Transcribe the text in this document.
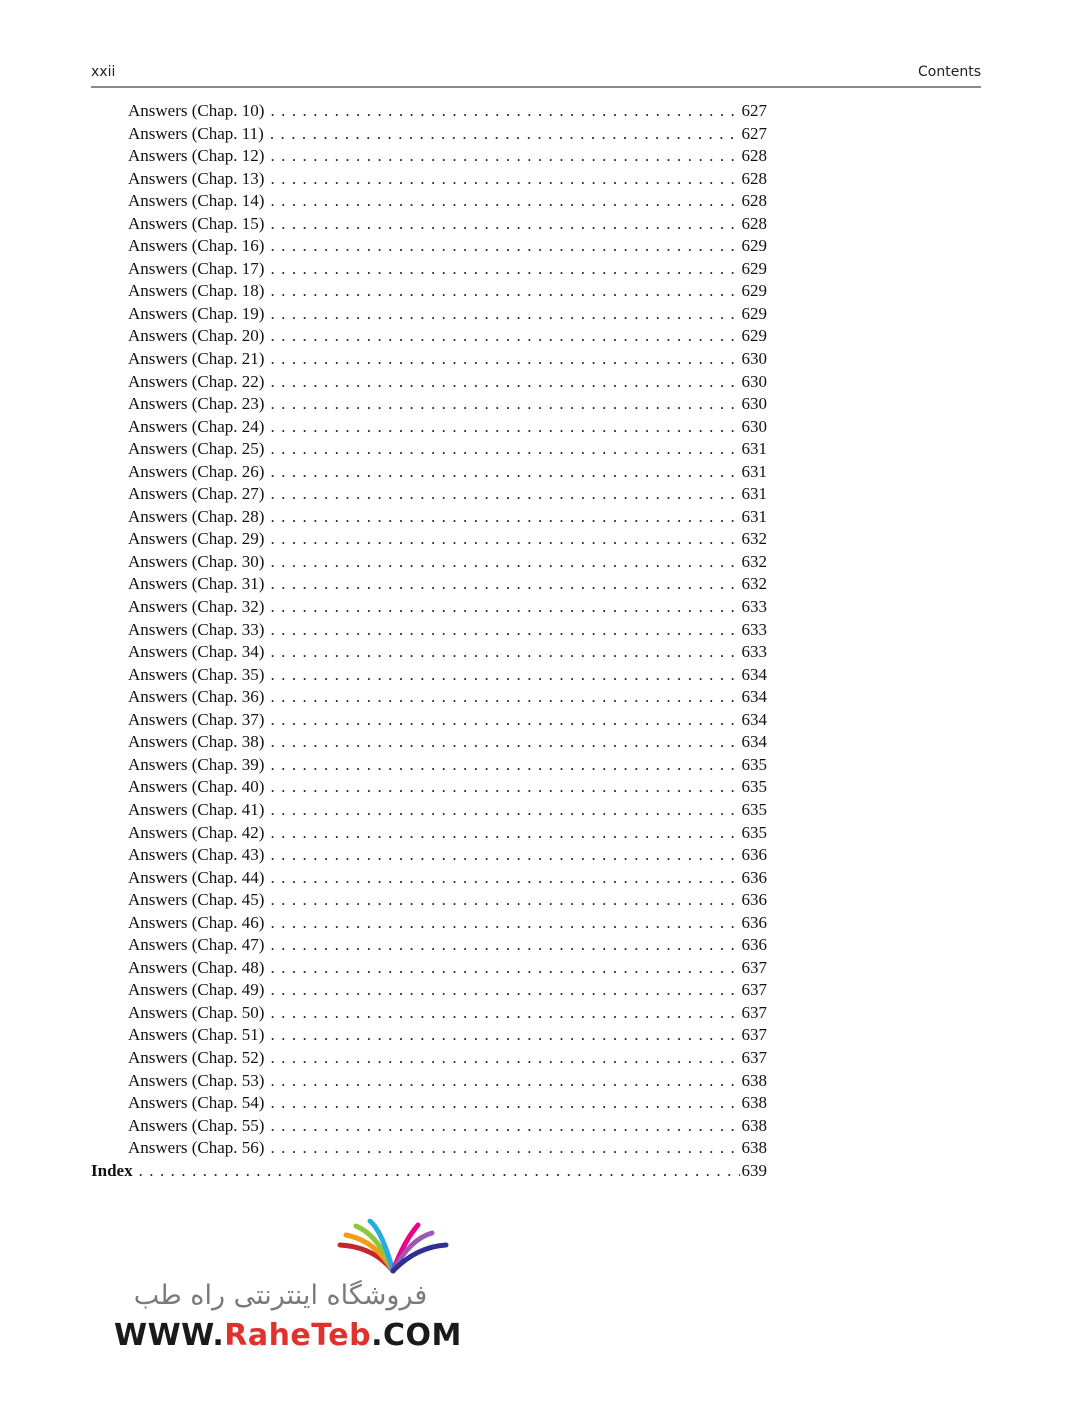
xxii	Contents
Answers (Chap. 10) . . .	627
Answers (Chap. 11) . . .	627
Answers (Chap. 12) . . .	628
Answers (Chap. 13) . . .	628
Answers (Chap. 14) . . .	628
Answers (Chap. 15) . . .	628
Answers (Chap. 16) . . .	629
Answers (Chap. 17) . . .	629
Answers (Chap. 18) . . .	629
Answers (Chap. 19) . . .	629
Answers (Chap. 20) . . .	629
Answers (Chap. 21) . . .	630
Answers (Chap. 22) . . .	630
Answers (Chap. 23) . . .	630
Answers (Chap. 24) . . .	630
Answers (Chap. 25) . . .	631
Answers (Chap. 26) . . .	631
Answers (Chap. 27) . . .	631
Answers (Chap. 28) . . .	631
Answers (Chap. 29) . . .	632
Answers (Chap. 30) . . .	632
Answers (Chap. 31) . . .	632
Answers (Chap. 32) . . .	633
Answers (Chap. 33) . . .	633
Answers (Chap. 34) . . .	633
Answers (Chap. 35) . . .	634
Answers (Chap. 36) . . .	634
Answers (Chap. 37) . . .	634
Answers (Chap. 38) . . .	634
Answers (Chap. 39) . . .	635
Answers (Chap. 40) . . .	635
Answers (Chap. 41) . . .	635
Answers (Chap. 42) . . .	635
Answers (Chap. 43) . . .	636
Answers (Chap. 44) . . .	636
Answers (Chap. 45) . . .	636
Answers (Chap. 46) . . .	636
Answers (Chap. 47) . . .	636
Answers (Chap. 48) . . .	637
Answers (Chap. 49) . . .	637
Answers (Chap. 50) . . .	637
Answers (Chap. 51) . . .	637
Answers (Chap. 52) . . .	637
Answers (Chap. 53) . . .	638
Answers (Chap. 54) . . .	638
Answers (Chap. 55) . . .	638
Answers (Chap. 56) . . .	638
Index . . .	639
فروشگاه اینترنتی راه طب
WWW.RaheTeb.COM
